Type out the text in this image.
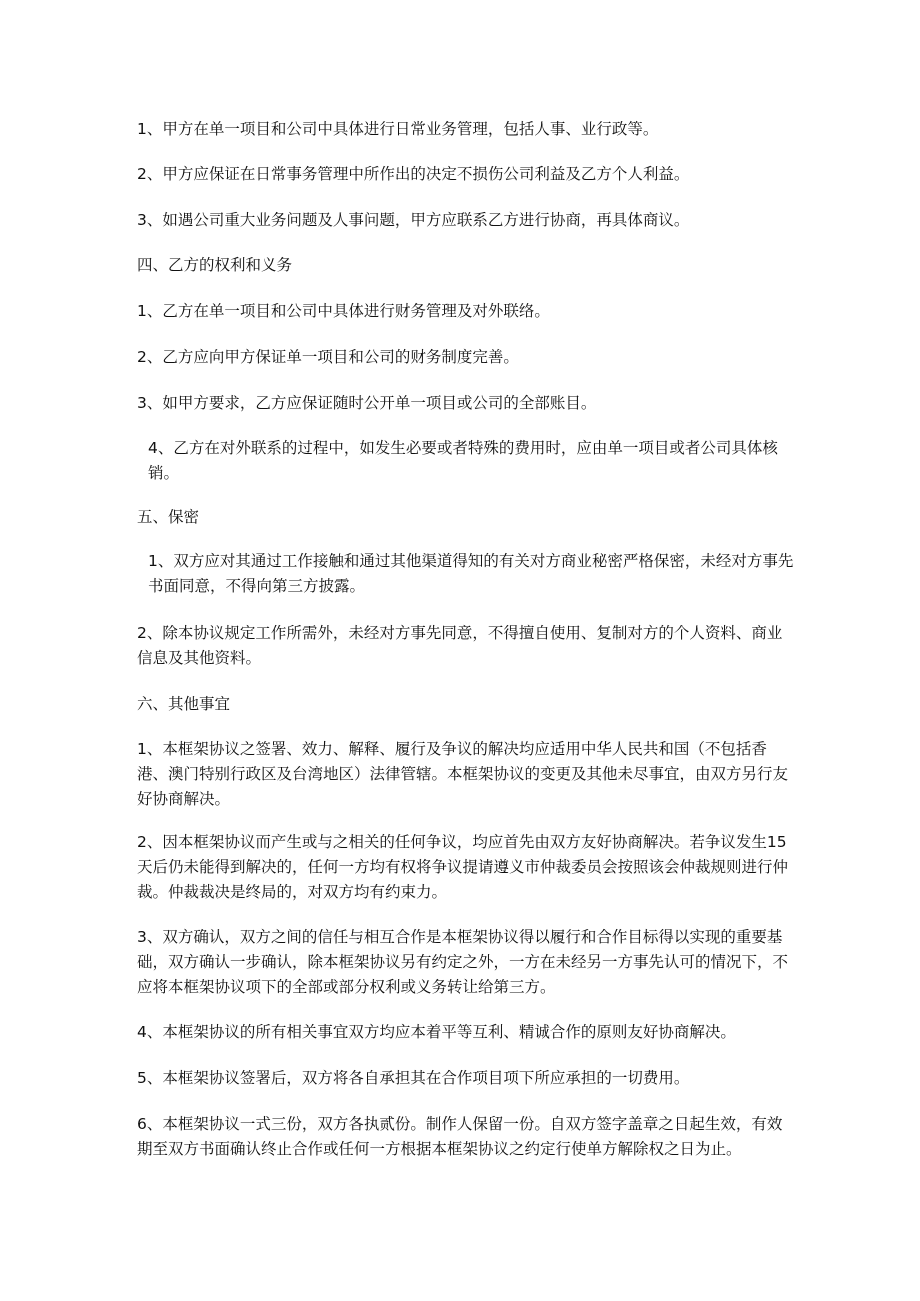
1、甲方在单一项目和公司中具体进行日常业务管理，包括人事、业行政等。

2、甲方应保证在日常事务管理中所作出的决定不损伤公司利益及乙方个人利益。

3、如遇公司重大业务问题及人事问题，甲方应联系乙方进行协商，再具体商议。

四、乙方的权利和义务

1、乙方在单一项目和公司中具体进行财务管理及对外联络。

2、乙方应向甲方保证单一项目和公司的财务制度完善。

3、如甲方要求，乙方应保证随时公开单一项目或公司的全部账目。

4、乙方在对外联系的过程中，如发生必要或者特殊的费用时，应由单一项目或者公司具体核销。

五、保密

1、双方应对其通过工作接触和通过其他渠道得知的有关对方商业秘密严格保密，未经对方事先书面同意，不得向第三方披露。

2、除本协议规定工作所需外，未经对方事先同意，不得擅自使用、复制对方的个人资料、商业信息及其他资料。

六、其他事宜

1、本框架协议之签署、效力、解释、履行及争议的解决均应适用中华人民共和国（不包括香港、澳门特别行政区及台湾地区）法律管辖。本框架协议的变更及其他未尽事宜，由双方另行友好协商解决。

2、因本框架协议而产生或与之相关的任何争议，均应首先由双方友好协商解决。若争议发生15天后仍未能得到解决的，任何一方均有权将争议提请遵义市仲裁委员会按照该会仲裁规则进行仲裁。仲裁裁决是终局的，对双方均有约束力。

3、双方确认，双方之间的信任与相互合作是本框架协议得以履行和合作目标得以实现的重要基础，双方确认一步确认，除本框架协议另有约定之外，一方在未经另一方事先认可的情况下，不应将本框架协议项下的全部或部分权利或义务转让给第三方。

4、本框架协议的所有相关事宜双方均应本着平等互利、精诚合作的原则友好协商解决。

5、本框架协议签署后，双方将各自承担其在合作项目项下所应承担的一切费用。

6、本框架协议一式三份，双方各执贰份。制作人保留一份。自双方签字盖章之日起生效，有效期至双方书面确认终止合作或任何一方根据本框架协议之约定行使单方解除权之日为止。
